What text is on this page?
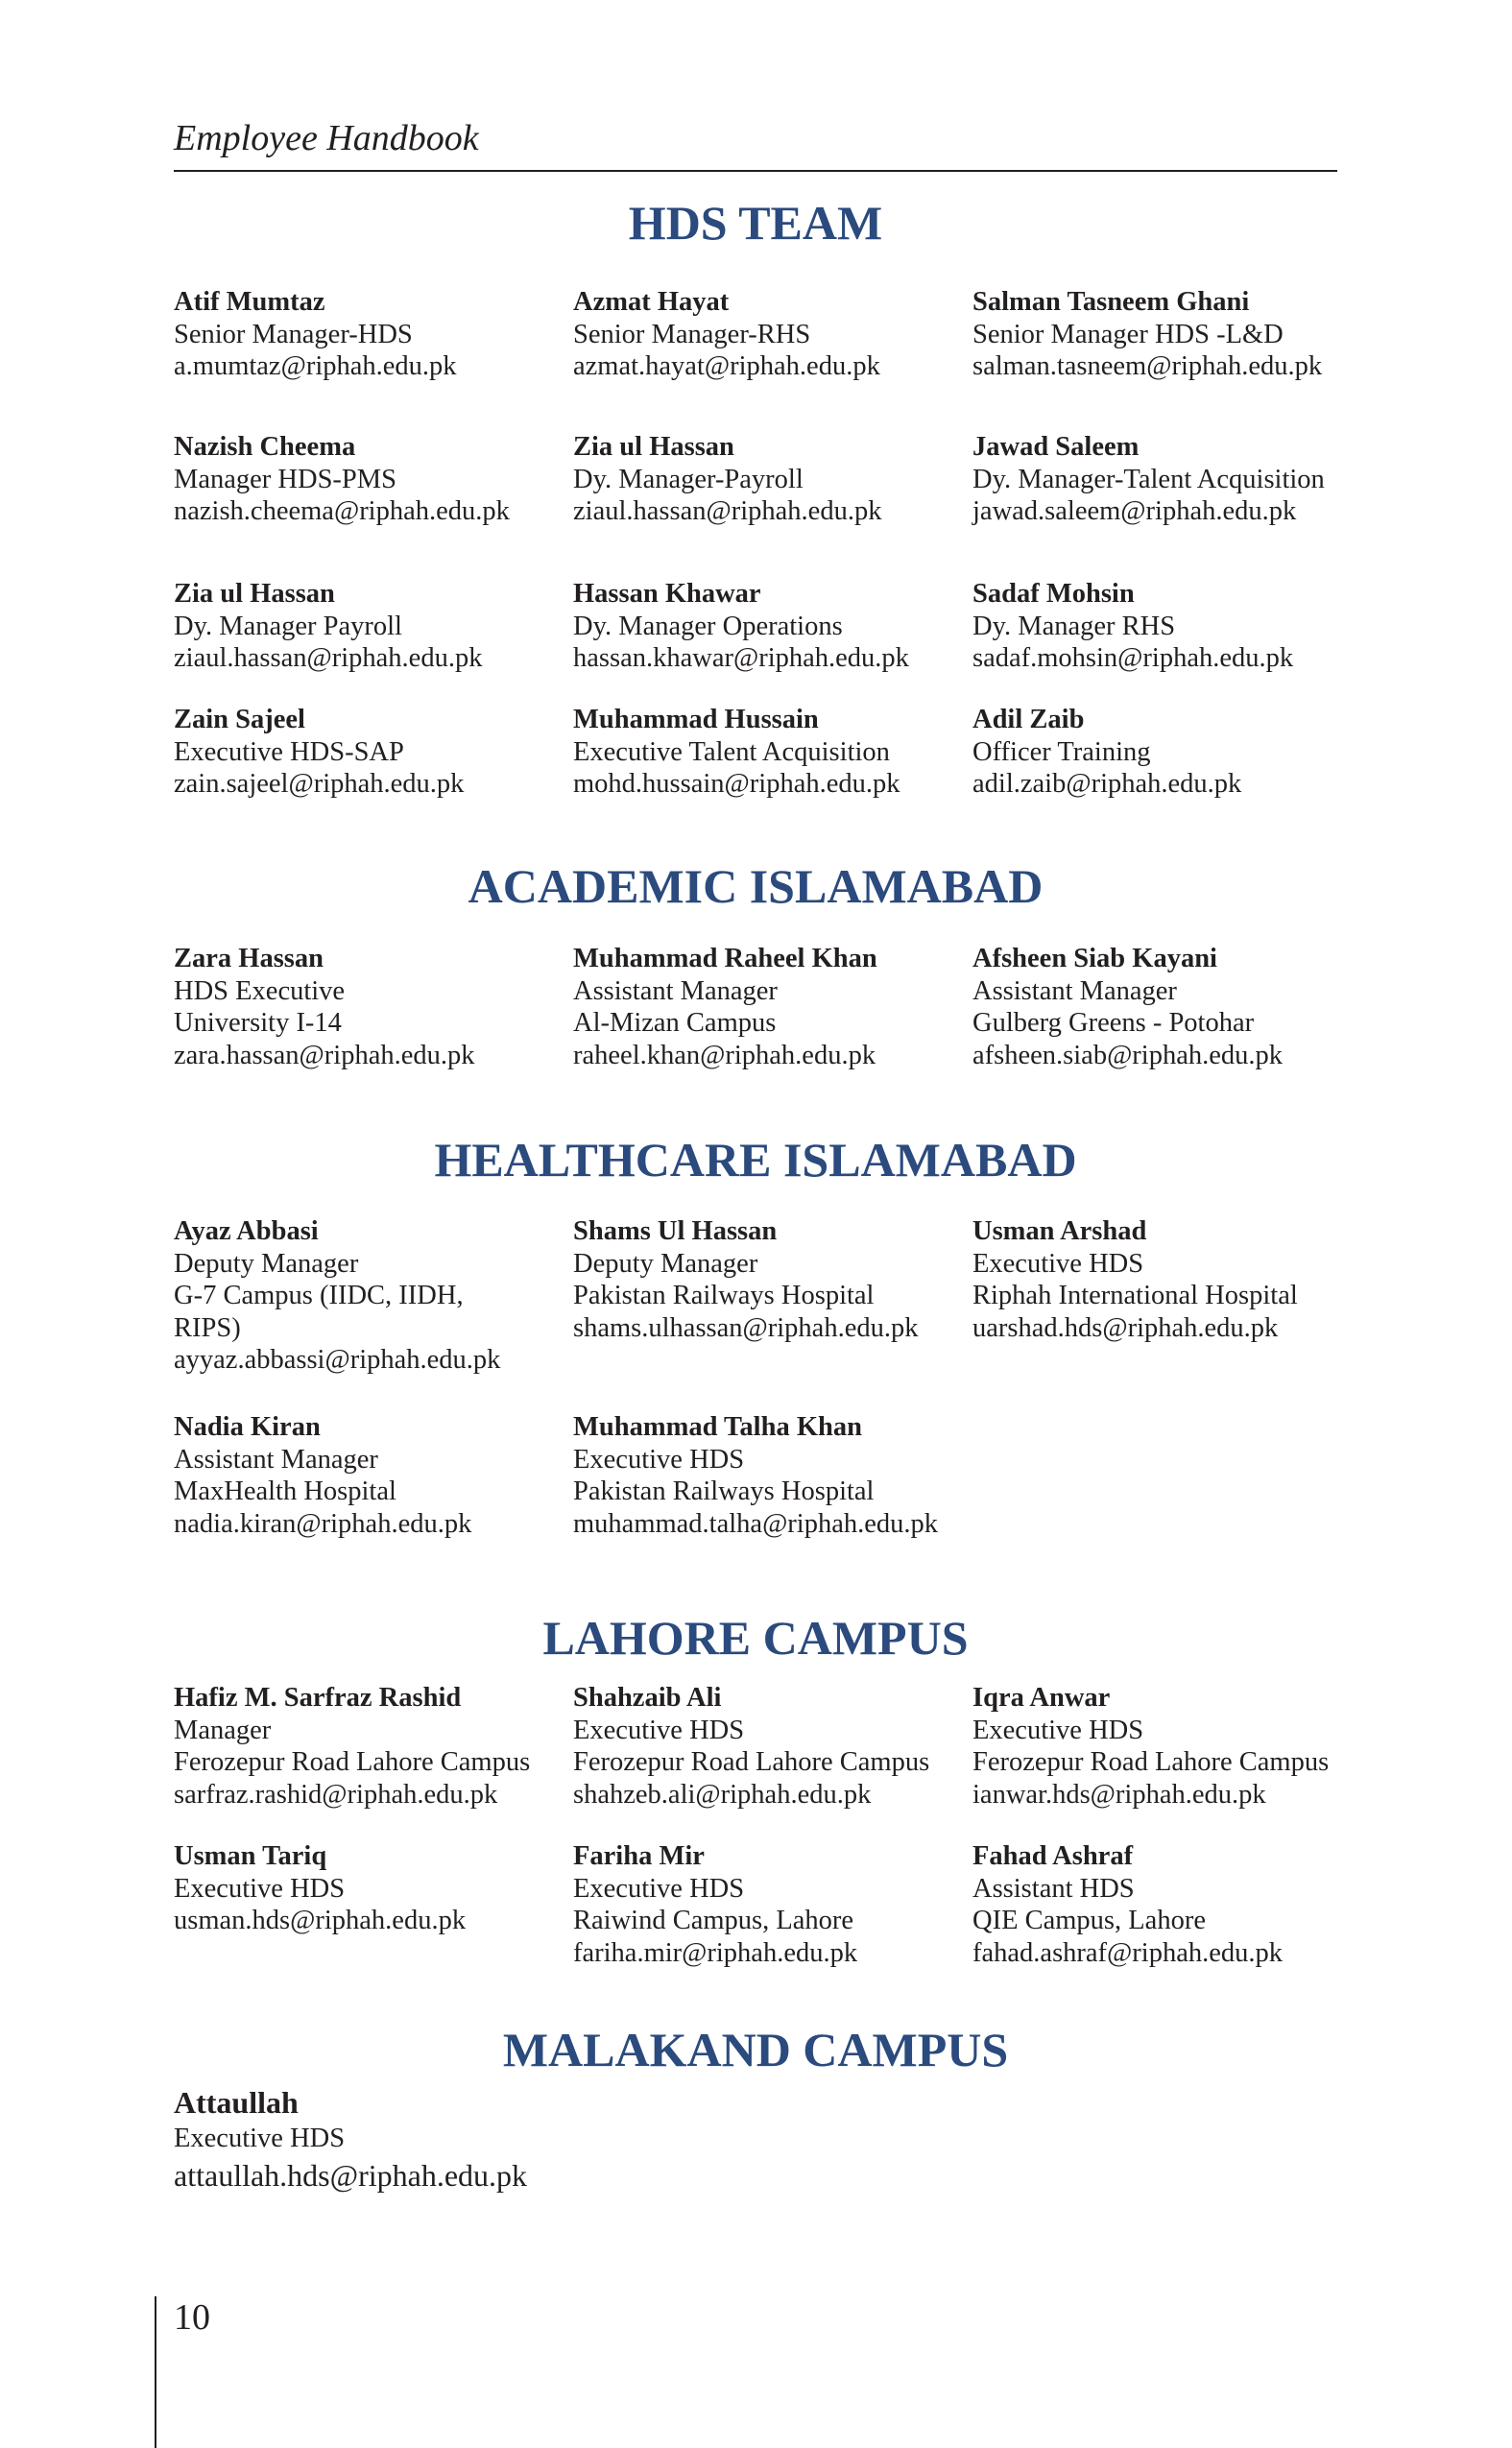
Employee Handbook
HDS TEAM
Atif Mumtaz
Senior Manager-HDS
a.mumtaz@riphah.edu.pk
Azmat Hayat
Senior Manager-RHS
azmat.hayat@riphah.edu.pk
Salman Tasneem Ghani
Senior Manager HDS -L&D
salman.tasneem@riphah.edu.pk
Nazish Cheema
Manager HDS-PMS
nazish.cheema@riphah.edu.pk
Zia ul Hassan
Dy. Manager-Payroll
ziaul.hassan@riphah.edu.pk
Jawad Saleem
Dy. Manager-Talent Acquisition
jawad.saleem@riphah.edu.pk
Zia ul Hassan
Dy. Manager Payroll
ziaul.hassan@riphah.edu.pk
Hassan Khawar
Dy. Manager Operations
hassan.khawar@riphah.edu.pk
Sadaf Mohsin
Dy. Manager RHS
sadaf.mohsin@riphah.edu.pk
Zain Sajeel
Executive HDS-SAP
zain.sajeel@riphah.edu.pk
Muhammad Hussain
Executive Talent Acquisition
mohd.hussain@riphah.edu.pk
Adil Zaib
Officer Training
adil.zaib@riphah.edu.pk
ACADEMIC ISLAMABAD
Zara Hassan
HDS Executive
University I-14
zara.hassan@riphah.edu.pk
Muhammad Raheel Khan
Assistant Manager
Al-Mizan Campus
raheel.khan@riphah.edu.pk
Afsheen Siab Kayani
Assistant Manager
Gulberg Greens - Potohar
afsheen.siab@riphah.edu.pk
HEALTHCARE ISLAMABAD
Ayaz Abbasi
Deputy Manager
G-7 Campus (IIDC, IIDH,
RIPS)
ayyaz.abbassi@riphah.edu.pk
Shams Ul Hassan
Deputy Manager
Pakistan Railways Hospital
shams.ulhassan@riphah.edu.pk
Usman Arshad
Executive HDS
Riphah International Hospital
uarshad.hds@riphah.edu.pk
Nadia Kiran
Assistant Manager
MaxHealth Hospital
nadia.kiran@riphah.edu.pk
Muhammad Talha Khan
Executive HDS
Pakistan Railways Hospital
muhammad.talha@riphah.edu.pk
LAHORE CAMPUS
Hafiz M. Sarfraz Rashid
Manager
Ferozepur Road Lahore Campus
sarfraz.rashid@riphah.edu.pk
Shahzaib Ali
Executive HDS
Ferozepur Road Lahore Campus
shahzeb.ali@riphah.edu.pk
Iqra Anwar
Executive HDS
Ferozepur Road Lahore Campus
ianwar.hds@riphah.edu.pk
Usman Tariq
Executive HDS
usman.hds@riphah.edu.pk
Fariha Mir
Executive HDS
Raiwind Campus, Lahore
fariha.mir@riphah.edu.pk
Fahad Ashraf
Assistant HDS
QIE Campus, Lahore
fahad.ashraf@riphah.edu.pk
MALAKAND CAMPUS
Attaullah
Executive HDS
attaullah.hds@riphah.edu.pk
10
